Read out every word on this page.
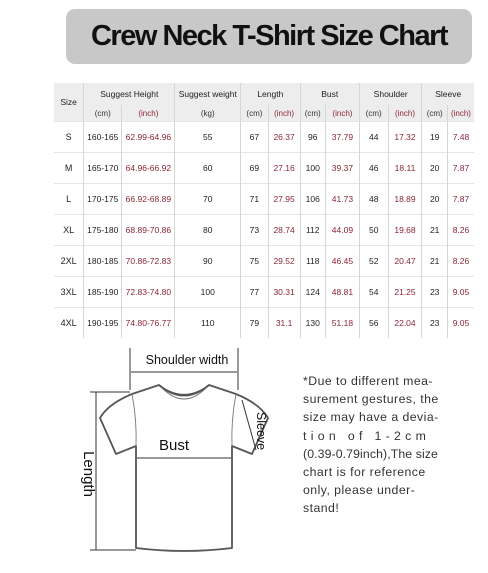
Crew Neck T-Shirt Size Chart
Size	Suggest Height		Suggest weight	Length		Bust		Shoulder		Sleeve	
	(cm)	(inch)	(kg)	(cm)	(inch)	(cm)	(inch)	(cm)	(inch)	(cm)	(inch)
S	160-165	62.99-64.96	55	67	26.37	96	37.79	44	17.32	19	7.48
M	165-170	64.96-66.92	60	69	27.16	100	39.37	46	18.11	20	7.87
L	170-175	66.92-68.89	70	71	27.95	106	41.73	48	18.89	20	7.87
XL	175-180	68.89-70.86	80	73	28.74	112	44.09	50	19.68	21	8.26
2XL	180-185	70.86-72.83	90	75	29.52	118	46.45	52	20.47	21	8.26
3XL	185-190	72.83-74.80	100	77	30.31	124	48.81	54	21.25	23	9.05
4XL	190-195	74.80-76.77	110	79	31.1	130	51.18	56	22.04	23	9.05
Shoulder width
Bust	Sleeve
Length
*Due to different mea-
surement gestures, the
size may have a devia-
t i o n   o f   1 - 2 c m
(0.39-0.79inch),The size
chart is for reference
only, please under-
stand!
